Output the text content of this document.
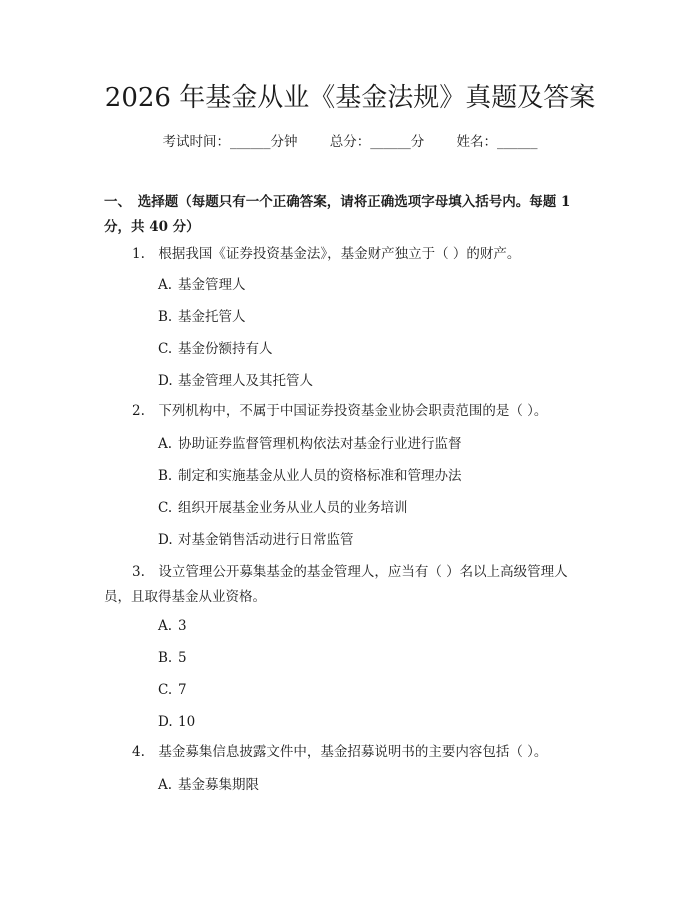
2026 年基金从业《基金法规》真题及答案
考试时间：______分钟 总分：______分 姓名：______
一、　选择题（每题只有一个正确答案，请将正确选项字母填入括号内。每题 1 分，共 40 分）
1.　根据我国《证券投资基金法》，基金财产独立于（ ）的财产。
A. 基金管理人
B. 基金托管人
C. 基金份额持有人
D. 基金管理人及其托管人
2.　下列机构中，不属于中国证券投资基金业协会职责范围的是（ ）。
A. 协助证券监督管理机构依法对基金行业进行监督
B. 制定和实施基金从业人员的资格标准和管理办法
C. 组织开展基金业务从业人员的业务培训
D. 对基金销售活动进行日常监管
3.　设立管理公开募集基金的基金管理人，应当有（ ）名以上高级管理人员，且取得基金从业资格。
A. 3
B. 5
C. 7
D. 10
4.　基金募集信息披露文件中，基金招募说明书的主要内容包括（ ）。
A. 基金募集期限
